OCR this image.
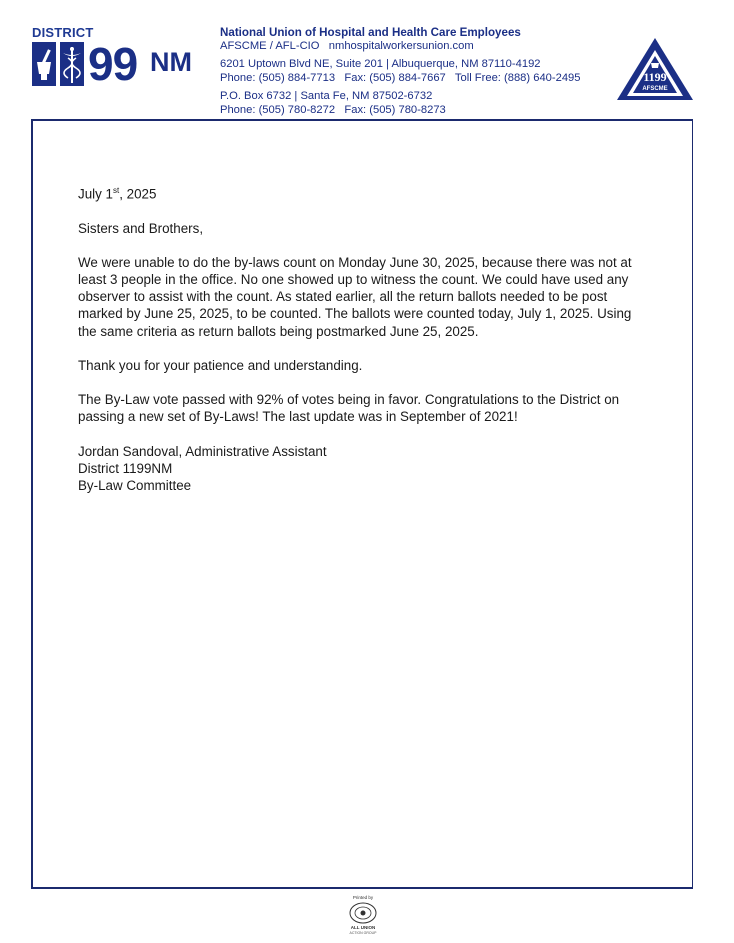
DISTRICT
99 NM
National Union of Hospital and Health Care Employees
AFSCME / AFL-CIO nmhospitalworkersunion.com
6201 Uptown Blvd NE, Suite 201 | Albuquerque, NM 87110-4192
Phone: (505) 884-7713   Fax: (505) 884-7667   Toll Free: (888) 640-2495
P.O. Box 6732 | Santa Fe, NM 87502-6732
Phone: (505) 780-8272   Fax: (505) 780-8273
1199
AFSCME

July 1st, 2025

Sisters and Brothers,

We were unable to do the by-laws count on Monday June 30, 2025, because there was not at least 3 people in the office. No one showed up to witness the count. We could have used any observer to assist with the count. As stated earlier, all the return ballots needed to be post marked by June 25, 2025, to be counted. The ballots were counted today, July 1, 2025. Using the same criteria as return ballots being postmarked June 25, 2025.

Thank you for your patience and understanding.

The By-Law vote passed with 92% of votes being in favor. Congratulations to the District on passing a new set of By-Laws! The last update was in September of 2021!

Jordan Sandoval, Administrative Assistant
District 1199NM
By-Law Committee
Printed by
ALL UNION
ACTION GROUP
